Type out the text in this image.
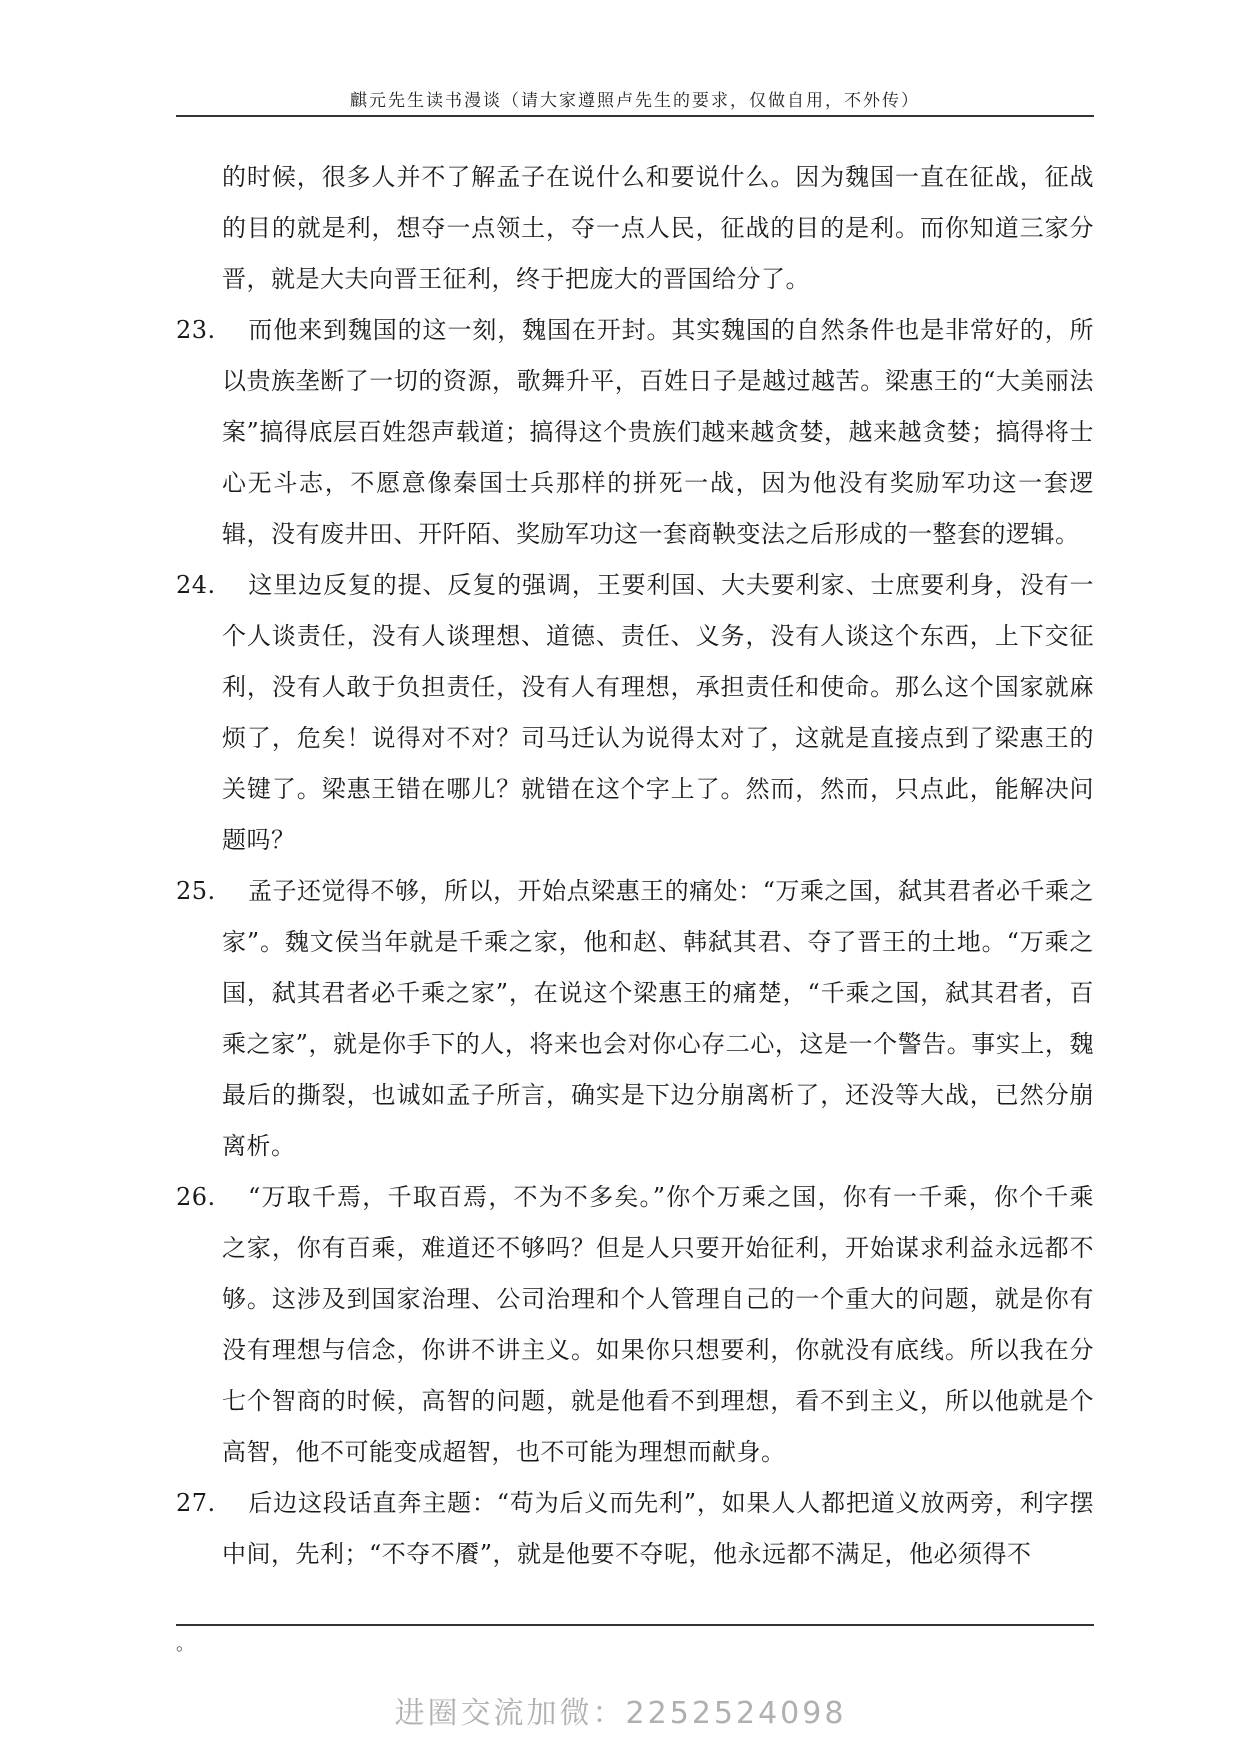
麒元先生读书漫谈（请大家遵照卢先生的要求，仅做自用，不外传）
的时候，很多人并不了解孟子在说什么和要说什么。因为魏国一直在征战，征战的目的就是利，想夺一点领土，夺一点人民，征战的目的是利。而你知道三家分晋，就是大夫向晋王征利，终于把庞大的晋国给分了。
23. 而他来到魏国的这一刻，魏国在开封。其实魏国的自然条件也是非常好的，所以贵族垄断了一切的资源，歌舞升平，百姓日子是越过越苦。梁惠王的“大美丽法案”搞得底层百姓怨声载道；搞得这个贵族们越来越贪婪，越来越贪婪；搞得将士心无斗志，不愿意像秦国士兵那样的拼死一战，因为他没有奖励军功这一套逻辑，没有废井田、开阡陌、奖励军功这一套商鞅变法之后形成的一整套的逻辑。
24. 这里边反复的提、反复的强调，王要利国、大夫要利家、士庶要利身，没有一个人谈责任，没有人谈理想、道德、责任、义务，没有人谈这个东西，上下交征利，没有人敢于负担责任，没有人有理想，承担责任和使命。那么这个国家就麻烦了，危矣！说得对不对？司马迁认为说得太对了，这就是直接点到了梁惠王的关键了。梁惠王错在哪儿？就错在这个字上了。然而，然而，只点此，能解决问题吗？
25. 孟子还觉得不够，所以，开始点梁惠王的痛处：“万乘之国，弑其君者必千乘之家”。魏文侯当年就是千乘之家，他和赵、韩弑其君、夺了晋王的土地。“万乘之国，弑其君者必千乘之家”，在说这个梁惠王的痛楚，“千乘之国，弑其君者，百乘之家”，就是你手下的人，将来也会对你心存二心，这是一个警告。事实上，魏最后的撕裂，也诚如孟子所言，确实是下边分崩离析了，还没等大战，已然分崩离析。
26. “万取千焉，千取百焉，不为不多矣。”你个万乘之国，你有一千乘，你个千乘之家，你有百乘，难道还不够吗？但是人只要开始征利，开始谋求利益永远都不够。这涉及到国家治理、公司治理和个人管理自己的一个重大的问题，就是你有没有理想与信念，你讲不讲主义。如果你只想要利，你就没有底线。所以我在分七个智商的时候，高智的问题，就是他看不到理想，看不到主义，所以他就是个高智，他不可能变成超智，也不可能为理想而献身。
27. 后边这段话直奔主题：“苟为后义而先利”，如果人人都把道义放两旁，利字摆中间，先利；“不夺不餍”，就是他要不夺呢，他永远都不满足，他必须得不
。
进圈交流加微：2252524098
